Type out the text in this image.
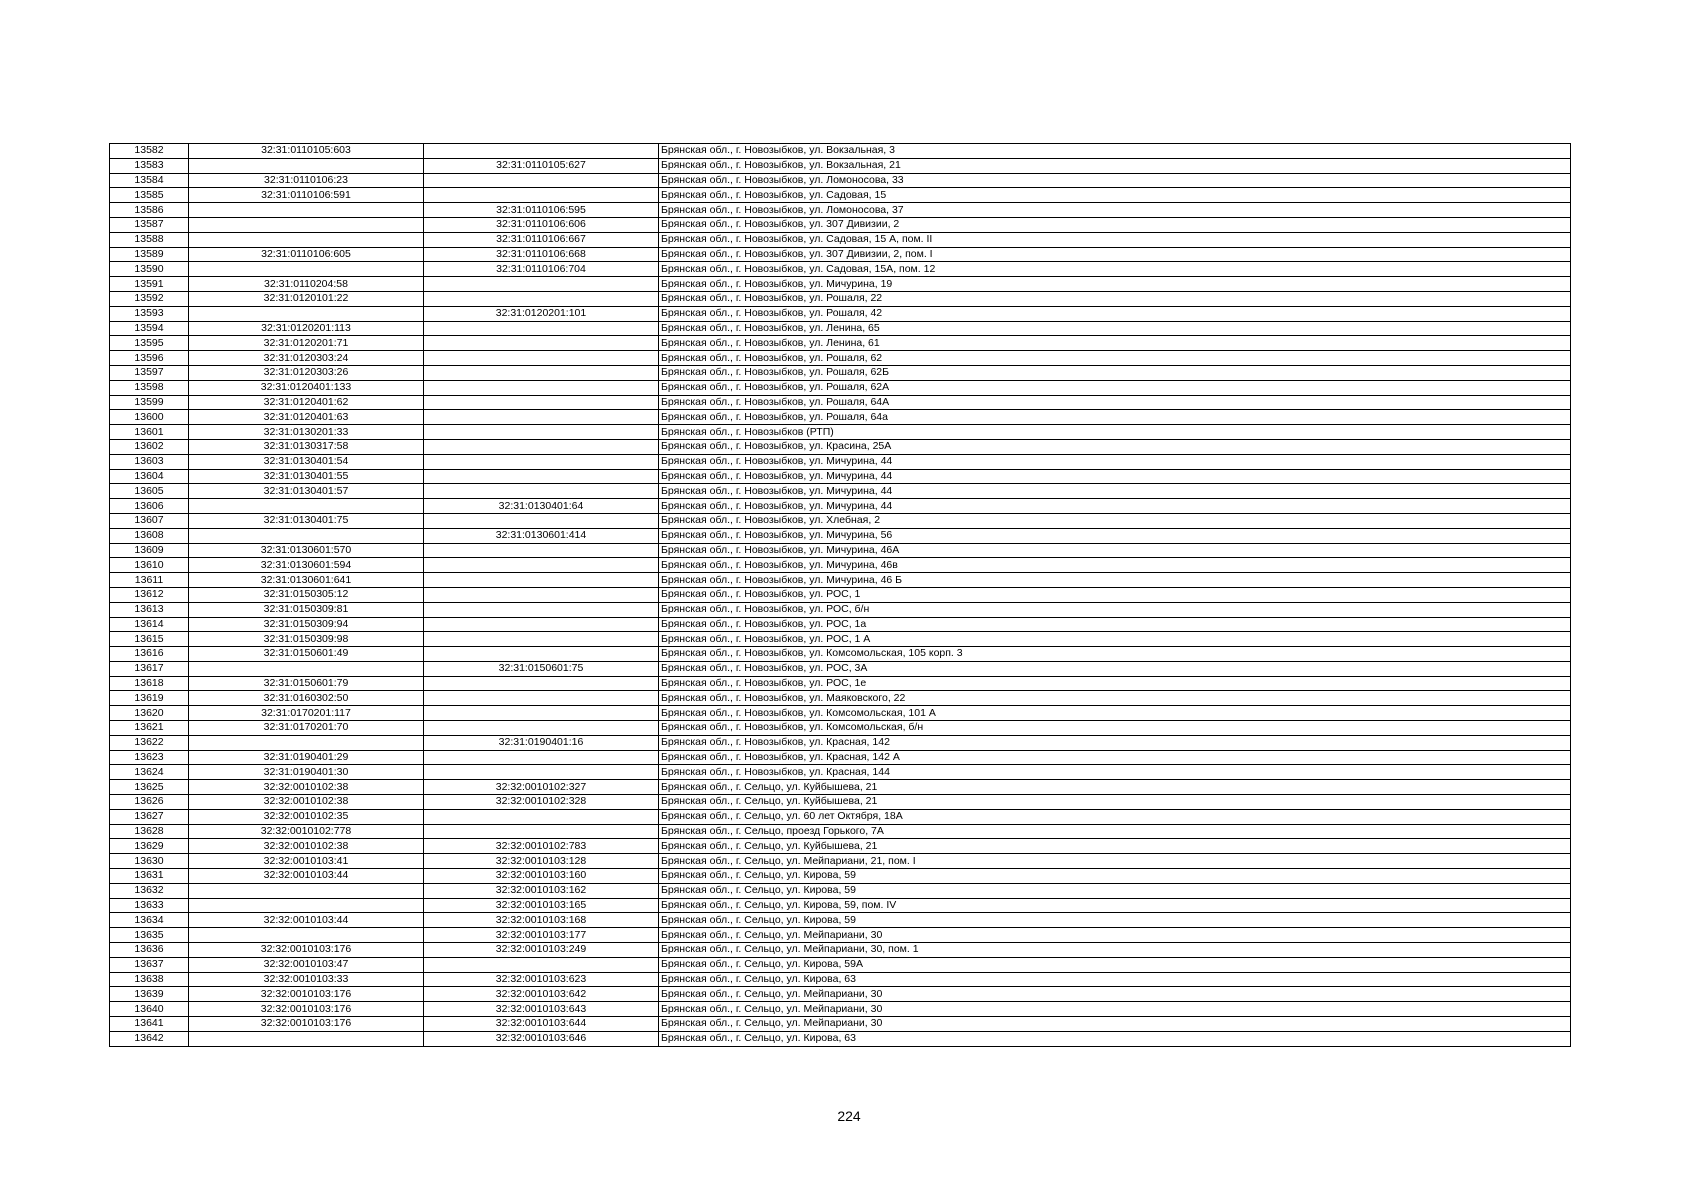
13582	32:31:0110105:603		Брянская обл., г. Новозыбков, ул. Вокзальная, 3
13583		32:31:0110105:627	Брянская обл., г. Новозыбков, ул. Вокзальная, 21
13584	32:31:0110106:23		Брянская обл., г. Новозыбков, ул. Ломоносова, 33
13585	32:31:0110106:591		Брянская обл., г. Новозыбков, ул. Садовая, 15
13586		32:31:0110106:595	Брянская обл., г. Новозыбков, ул. Ломоносова, 37
13587		32:31:0110106:606	Брянская обл., г. Новозыбков, ул. 307 Дивизии, 2
13588		32:31:0110106:667	Брянская обл., г. Новозыбков, ул. Садовая, 15 А, пом. II
13589	32:31:0110106:605	32:31:0110106:668	Брянская обл., г. Новозыбков, ул. 307 Дивизии, 2, пом. I
13590		32:31:0110106:704	Брянская обл., г. Новозыбков, ул. Садовая, 15А, пом. 12
13591	32:31:0110204:58		Брянская обл., г. Новозыбков, ул. Мичурина, 19
13592	32:31:0120101:22		Брянская обл., г. Новозыбков, ул. Рошаля, 22
13593		32:31:0120201:101	Брянская обл., г. Новозыбков, ул. Рошаля, 42
13594	32:31:0120201:113		Брянская обл., г. Новозыбков, ул. Ленина, 65
13595	32:31:0120201:71		Брянская обл., г. Новозыбков, ул. Ленина, 61
13596	32:31:0120303:24		Брянская обл., г. Новозыбков, ул. Рошаля, 62
13597	32:31:0120303:26		Брянская обл., г. Новозыбков, ул. Рошаля, 62Б
13598	32:31:0120401:133		Брянская обл., г. Новозыбков, ул. Рошаля, 62А
13599	32:31:0120401:62		Брянская обл., г. Новозыбков, ул. Рошаля, 64А
13600	32:31:0120401:63		Брянская обл., г. Новозыбков, ул. Рошаля, 64а
13601	32:31:0130201:33		Брянская обл., г. Новозыбков (РТП)
13602	32:31:0130317:58		Брянская обл., г. Новозыбков, ул. Красина, 25А
13603	32:31:0130401:54		Брянская обл., г. Новозыбков, ул. Мичурина, 44
13604	32:31:0130401:55		Брянская обл., г. Новозыбков, ул. Мичурина, 44
13605	32:31:0130401:57		Брянская обл., г. Новозыбков, ул. Мичурина, 44
13606		32:31:0130401:64	Брянская обл., г. Новозыбков, ул. Мичурина, 44
13607	32:31:0130401:75		Брянская обл., г. Новозыбков, ул. Хлебная, 2
13608		32:31:0130601:414	Брянская обл., г. Новозыбков, ул. Мичурина, 56
13609	32:31:0130601:570		Брянская обл., г. Новозыбков, ул. Мичурина, 46А
13610	32:31:0130601:594		Брянская обл., г. Новозыбков, ул. Мичурина, 46в
13611	32:31:0130601:641		Брянская обл., г. Новозыбков, ул. Мичурина, 46 Б
13612	32:31:0150305:12		Брянская обл., г. Новозыбков, ул. РОС, 1
13613	32:31:0150309:81		Брянская обл., г. Новозыбков, ул. РОС, б/н
13614	32:31:0150309:94		Брянская обл., г. Новозыбков, ул. РОС, 1а
13615	32:31:0150309:98		Брянская обл., г. Новозыбков, ул. РОС, 1 А
13616	32:31:0150601:49		Брянская обл., г. Новозыбков, ул. Комсомольская, 105 корп. 3
13617		32:31:0150601:75	Брянская обл., г. Новозыбков, ул. РОС, 3А
13618	32:31:0150601:79		Брянская обл., г. Новозыбков, ул. РОС, 1е
13619	32:31:0160302:50		Брянская обл., г. Новозыбков, ул. Маяковского, 22
13620	32:31:0170201:117		Брянская обл., г. Новозыбков, ул. Комсомольская, 101 А
13621	32:31:0170201:70		Брянская обл., г. Новозыбков, ул. Комсомольская, б/н
13622		32:31:0190401:16	Брянская обл., г. Новозыбков, ул. Красная, 142
13623	32:31:0190401:29		Брянская обл., г. Новозыбков, ул. Красная, 142 А
13624	32:31:0190401:30		Брянская обл., г. Новозыбков, ул. Красная, 144
13625	32:32:0010102:38	32:32:0010102:327	Брянская обл., г. Сельцо, ул. Куйбышева, 21
13626	32:32:0010102:38	32:32:0010102:328	Брянская обл., г. Сельцо, ул. Куйбышева, 21
13627	32:32:0010102:35		Брянская обл., г. Сельцо, ул. 60 лет Октября, 18А
13628	32:32:0010102:778		Брянская обл., г. Сельцо, проезд Горького, 7А
13629	32:32:0010102:38	32:32:0010102:783	Брянская обл., г. Сельцо, ул. Куйбышева, 21
13630	32:32:0010103:41	32:32:0010103:128	Брянская обл., г. Сельцо, ул. Мейпариани, 21, пом. I
13631	32:32:0010103:44	32:32:0010103:160	Брянская обл., г. Сельцо, ул. Кирова, 59
13632		32:32:0010103:162	Брянская обл., г. Сельцо, ул. Кирова, 59
13633		32:32:0010103:165	Брянская обл., г. Сельцо, ул. Кирова, 59, пом. IV
13634	32:32:0010103:44	32:32:0010103:168	Брянская обл., г. Сельцо, ул. Кирова, 59
13635		32:32:0010103:177	Брянская обл., г. Сельцо, ул. Мейпариани, 30
13636	32:32:0010103:176	32:32:0010103:249	Брянская обл., г. Сельцо, ул. Мейпариани, 30, пом. 1
13637	32:32:0010103:47		Брянская обл., г. Сельцо, ул. Кирова, 59А
13638	32:32:0010103:33	32:32:0010103:623	Брянская обл., г. Сельцо, ул. Кирова, 63
13639	32:32:0010103:176	32:32:0010103:642	Брянская обл., г. Сельцо, ул. Мейпариани, 30
13640	32:32:0010103:176	32:32:0010103:643	Брянская обл., г. Сельцо, ул. Мейпариани, 30
13641	32:32:0010103:176	32:32:0010103:644	Брянская обл., г. Сельцо, ул. Мейпариани, 30
13642		32:32:0010103:646	Брянская обл., г. Сельцо, ул. Кирова, 63
224
